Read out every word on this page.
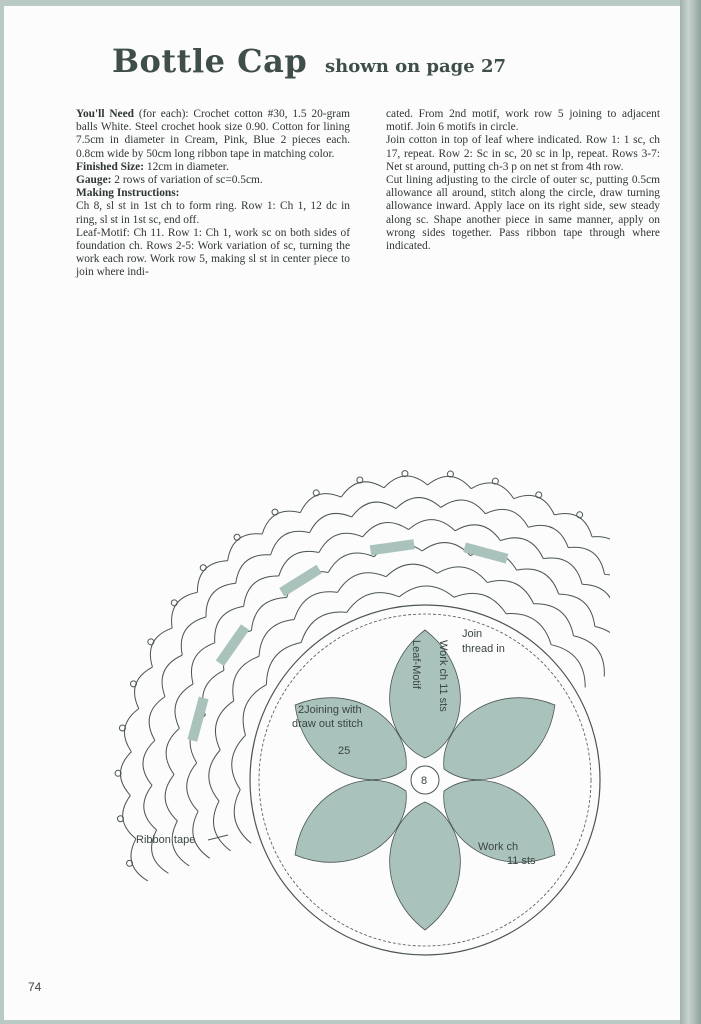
Bottle Cap shown on page 27

You'll Need (for each): Crochet cotton #30, 1.5 20-gram balls White. Steel crochet hook size 0.90. Cotton for lining 7.5cm in diameter in Cream, Pink, Blue 2 pieces each. 0.8cm wide by 50cm long ribbon tape in matching color.

Finished Size: 12cm in diameter.

Gauge: 2 rows of variation of sc=0.5cm.

Making Instructions:

Ch 8, sl st in 1st ch to form ring. Row 1: Ch 1, 12 dc in ring, sl st in 1st sc, end off.

Leaf-Motif: Ch 11. Row 1: Ch 1, work sc on both sides of foundation ch. Rows 2-5: Work variation of sc, turning the work each row. Work row 5, making sl st in center piece to join where indi-

cated. From 2nd motif, work row 5 joining to adjacent motif. Join 6 motifs in circle.

Join cotton in top of leaf where indicated. Row 1: 1 sc, ch 17, repeat. Row 2: Sc in sc, 20 sc in lp, repeat. Rows 3-7: Net st around, putting ch-3 p on net st from 4th row.

Cut lining adjusting to the circle of outer sc, putting 0.5cm allowance all around, stitch along the circle, draw turning allowance inward. Apply lace on its right side, sew steady along sc. Shape another piece in same manner, apply on wrong sides together. Pass ribbon tape through where indicated.

8
Join
thread in
Leaf-Motif Work ch 11 sts
2Joining with
draw out stitch
25
Work ch
11 sts
Ribbon tape
74
